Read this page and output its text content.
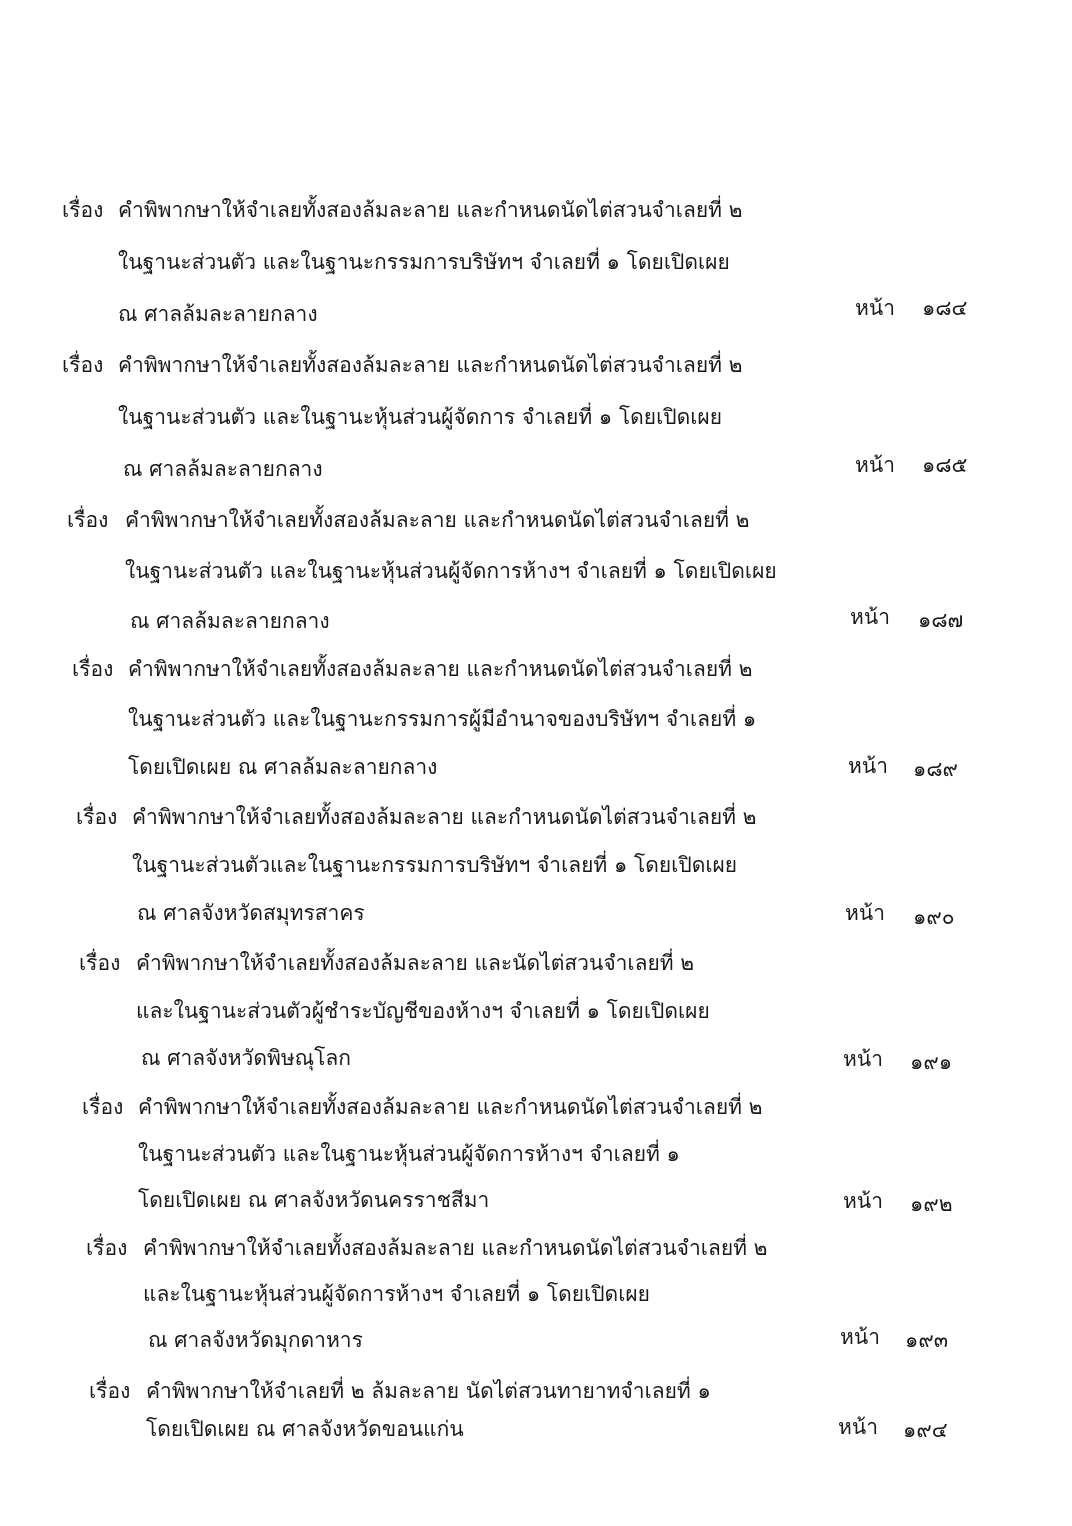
เรื่อง คำพิพากษาให้จำเลยทั้งสองล้มละลาย และกำหนดนัดไต่สวนจำเลยที่ ๒
ในฐานะส่วนตัว และในฐานะกรรมการบริษัทฯ จำเลยที่ ๑ โดยเปิดเผย
ณ ศาลล้มละลายกลาง	หน้า ๑๘๔
เรื่อง คำพิพากษาให้จำเลยทั้งสองล้มละลาย และกำหนดนัดไต่สวนจำเลยที่ ๒
ในฐานะส่วนตัว และในฐานะหุ้นส่วนผู้จัดการ จำเลยที่ ๑ โดยเปิดเผย
ณ ศาลล้มละลายกลาง	หน้า ๑๘๕
เรื่อง คำพิพากษาให้จำเลยทั้งสองล้มละลาย และกำหนดนัดไต่สวนจำเลยที่ ๒
ในฐานะส่วนตัว และในฐานะหุ้นส่วนผู้จัดการห้างฯ จำเลยที่ ๑ โดยเปิดเผย
ณ ศาลล้มละลายกลาง	หน้า ๑๘๗
เรื่อง คำพิพากษาให้จำเลยทั้งสองล้มละลาย และกำหนดนัดไต่สวนจำเลยที่ ๒
ในฐานะส่วนตัว และในฐานะกรรมการผู้มีอำนาจของบริษัทฯ จำเลยที่ ๑
โดยเปิดเผย ณ ศาลล้มละลายกลาง	หน้า ๑๘๙
เรื่อง คำพิพากษาให้จำเลยทั้งสองล้มละลาย และกำหนดนัดไต่สวนจำเลยที่ ๒
ในฐานะส่วนตัวและในฐานะกรรมการบริษัทฯ จำเลยที่ ๑ โดยเปิดเผย
ณ ศาลจังหวัดสมุทรสาคร	หน้า ๑๙๐
เรื่อง คำพิพากษาให้จำเลยทั้งสองล้มละลาย และนัดไต่สวนจำเลยที่ ๒
และในฐานะส่วนตัวผู้ชำระบัญชีของห้างฯ จำเลยที่ ๑ โดยเปิดเผย
ณ ศาลจังหวัดพิษณุโลก	หน้า ๑๙๑
เรื่อง คำพิพากษาให้จำเลยทั้งสองล้มละลาย และกำหนดนัดไต่สวนจำเลยที่ ๒
ในฐานะส่วนตัว และในฐานะหุ้นส่วนผู้จัดการห้างฯ จำเลยที่ ๑
โดยเปิดเผย ณ ศาลจังหวัดนครราชสีมา	หน้า ๑๙๒
เรื่อง คำพิพากษาให้จำเลยทั้งสองล้มละลาย และกำหนดนัดไต่สวนจำเลยที่ ๒
และในฐานะหุ้นส่วนผู้จัดการห้างฯ จำเลยที่ ๑ โดยเปิดเผย
ณ ศาลจังหวัดมุกดาหาร	หน้า ๑๙๓
เรื่อง คำพิพากษาให้จำเลยที่ ๒ ล้มละลาย นัดไต่สวนทายาทจำเลยที่ ๑
โดยเปิดเผย ณ ศาลจังหวัดขอนแก่น	หน้า ๑๙๔
